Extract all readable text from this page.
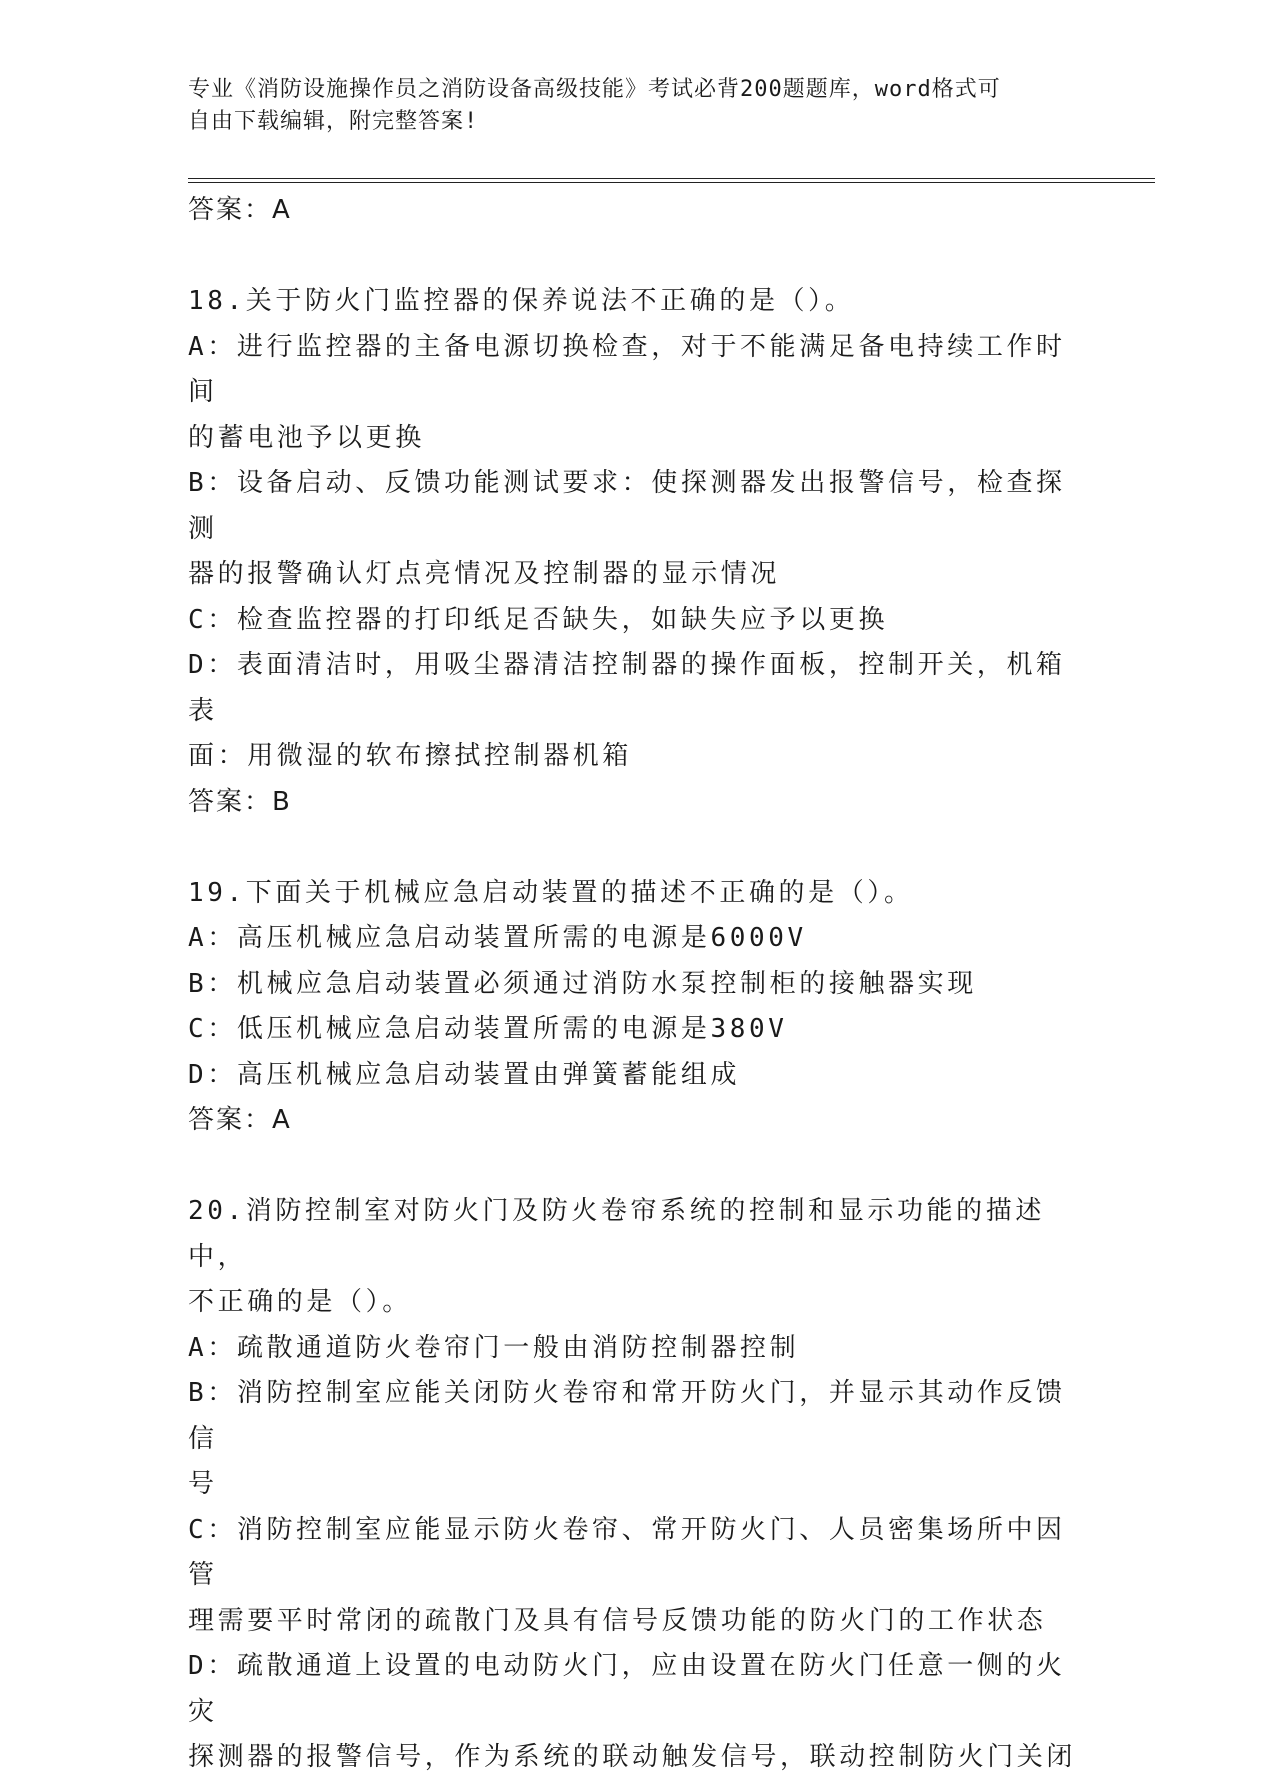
专业《消防设施操作员之消防设备高级技能》考试必背200题题库，word格式可
自由下载编辑，附完整答案!
答案：A
18.关于防火门监控器的保养说法不正确的是（）。
A：进行监控器的主备电源切换检查，对于不能满足备电持续工作时间
的蓄电池予以更换
B：设备启动、反馈功能测试要求：使探测器发出报警信号，检查探测
器的报警确认灯点亮情况及控制器的显示情况
C：检查监控器的打印纸足否缺失，如缺失应予以更换
D：表面清洁时，用吸尘器清洁控制器的操作面板，控制开关，机箱表
面：用微湿的软布擦拭控制器机箱
答案：B
19.下面关于机械应急启动装置的描述不正确的是（）。
A：高压机械应急启动装置所需的电源是6000V
B：机械应急启动装置必须通过消防水泵控制柜的接触器实现
C：低压机械应急启动装置所需的电源是380V
D：高压机械应急启动装置由弹簧蓄能组成
答案：A
20.消防控制室对防火门及防火卷帘系统的控制和显示功能的描述中，
不正确的是（）。
A：疏散通道防火卷帘门一般由消防控制器控制
B：消防控制室应能关闭防火卷帘和常开防火门，并显示其动作反馈信
号
C：消防控制室应能显示防火卷帘、常开防火门、人员密集场所中因管
理需要平时常闭的疏散门及具有信号反馈功能的防火门的工作状态
D：疏散通道上设置的电动防火门，应由设置在防火门任意一侧的火灾
探测器的报警信号，作为系统的联动触发信号，联动控制防火门关闭
